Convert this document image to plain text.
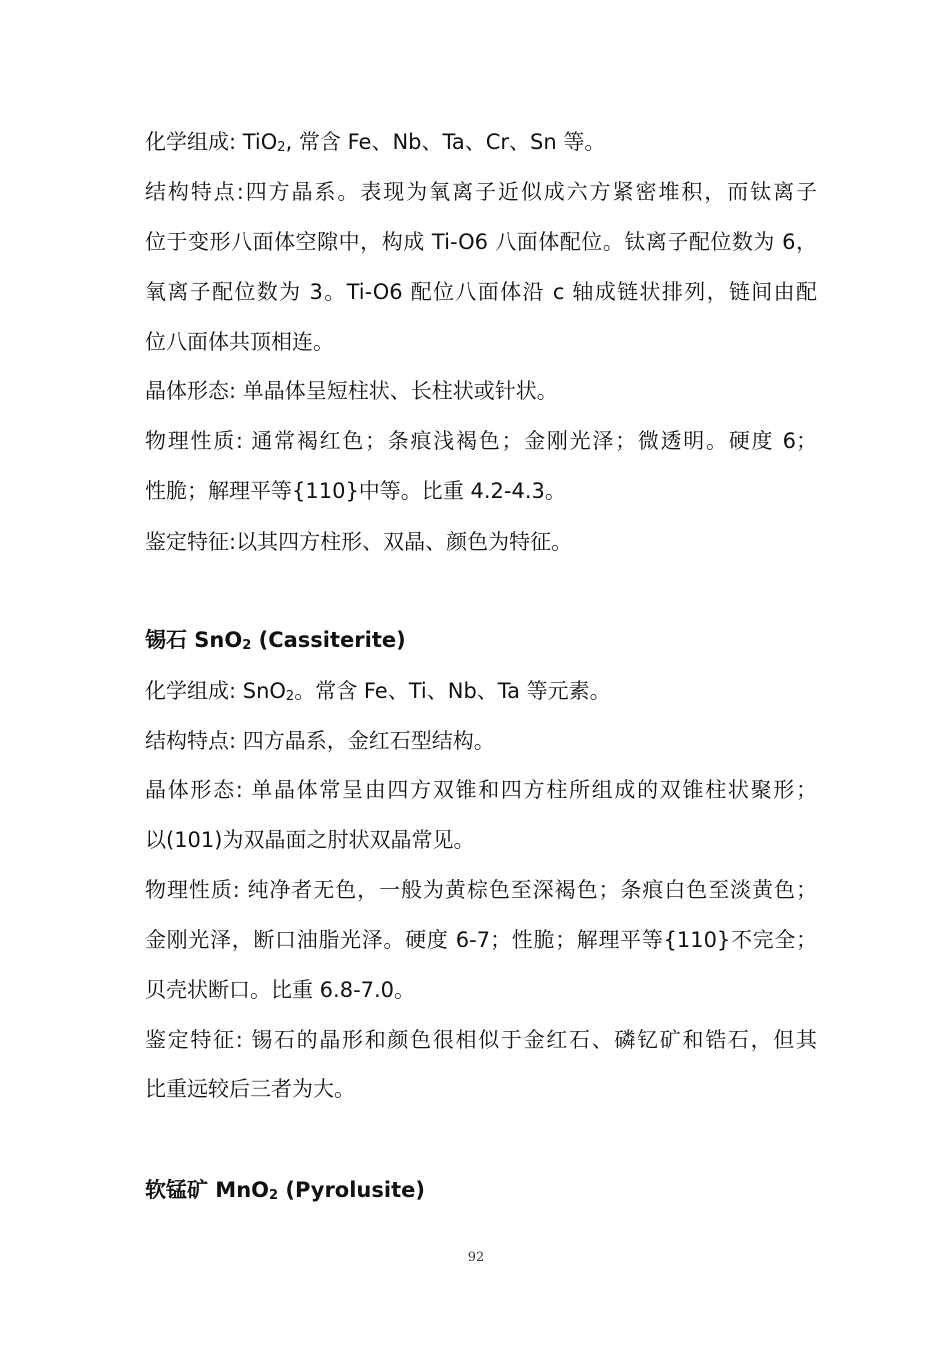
化学组成: TiO$_2$, 常含 Fe、Nb、Ta、Cr、Sn 等。
结构特点:四方晶系。表现为氧离子近似成六方紧密堆积，而钛离子
位于变形八面体空隙中，构成 Ti-O6 八面体配位。钛离子配位数为 6，
氧离子配位数为 3。Ti-O6 配位八面体沿 c 轴成链状排列，链间由配
位八面体共顶相连。
晶体形态: 单晶体呈短柱状、长柱状或针状。
物理性质: 通常褐红色；条痕浅褐色；金刚光泽；微透明。硬度 6；
性脆；解理平等{110}中等。比重 4.2-4.3。
鉴定特征:以其四方柱形、双晶、颜色为特征。
锡石 SnO$_2$ (Cassiterite)
化学组成: SnO$_2$。常含 Fe、Ti、Nb、Ta 等元素。
结构特点: 四方晶系，金红石型结构。
晶体形态: 单晶体常呈由四方双锥和四方柱所组成的双锥柱状聚形；
以(101)为双晶面之肘状双晶常见。
物理性质: 纯净者无色，一般为黄棕色至深褐色；条痕白色至淡黄色；
金刚光泽，断口油脂光泽。硬度 6-7；性脆；解理平等{110}不完全；
贝壳状断口。比重 6.8-7.0。
鉴定特征: 锡石的晶形和颜色很相似于金红石、磷钇矿和锆石，但其
比重远较后三者为大。
软锰矿 MnO$_2$ (Pyrolusite)
92
